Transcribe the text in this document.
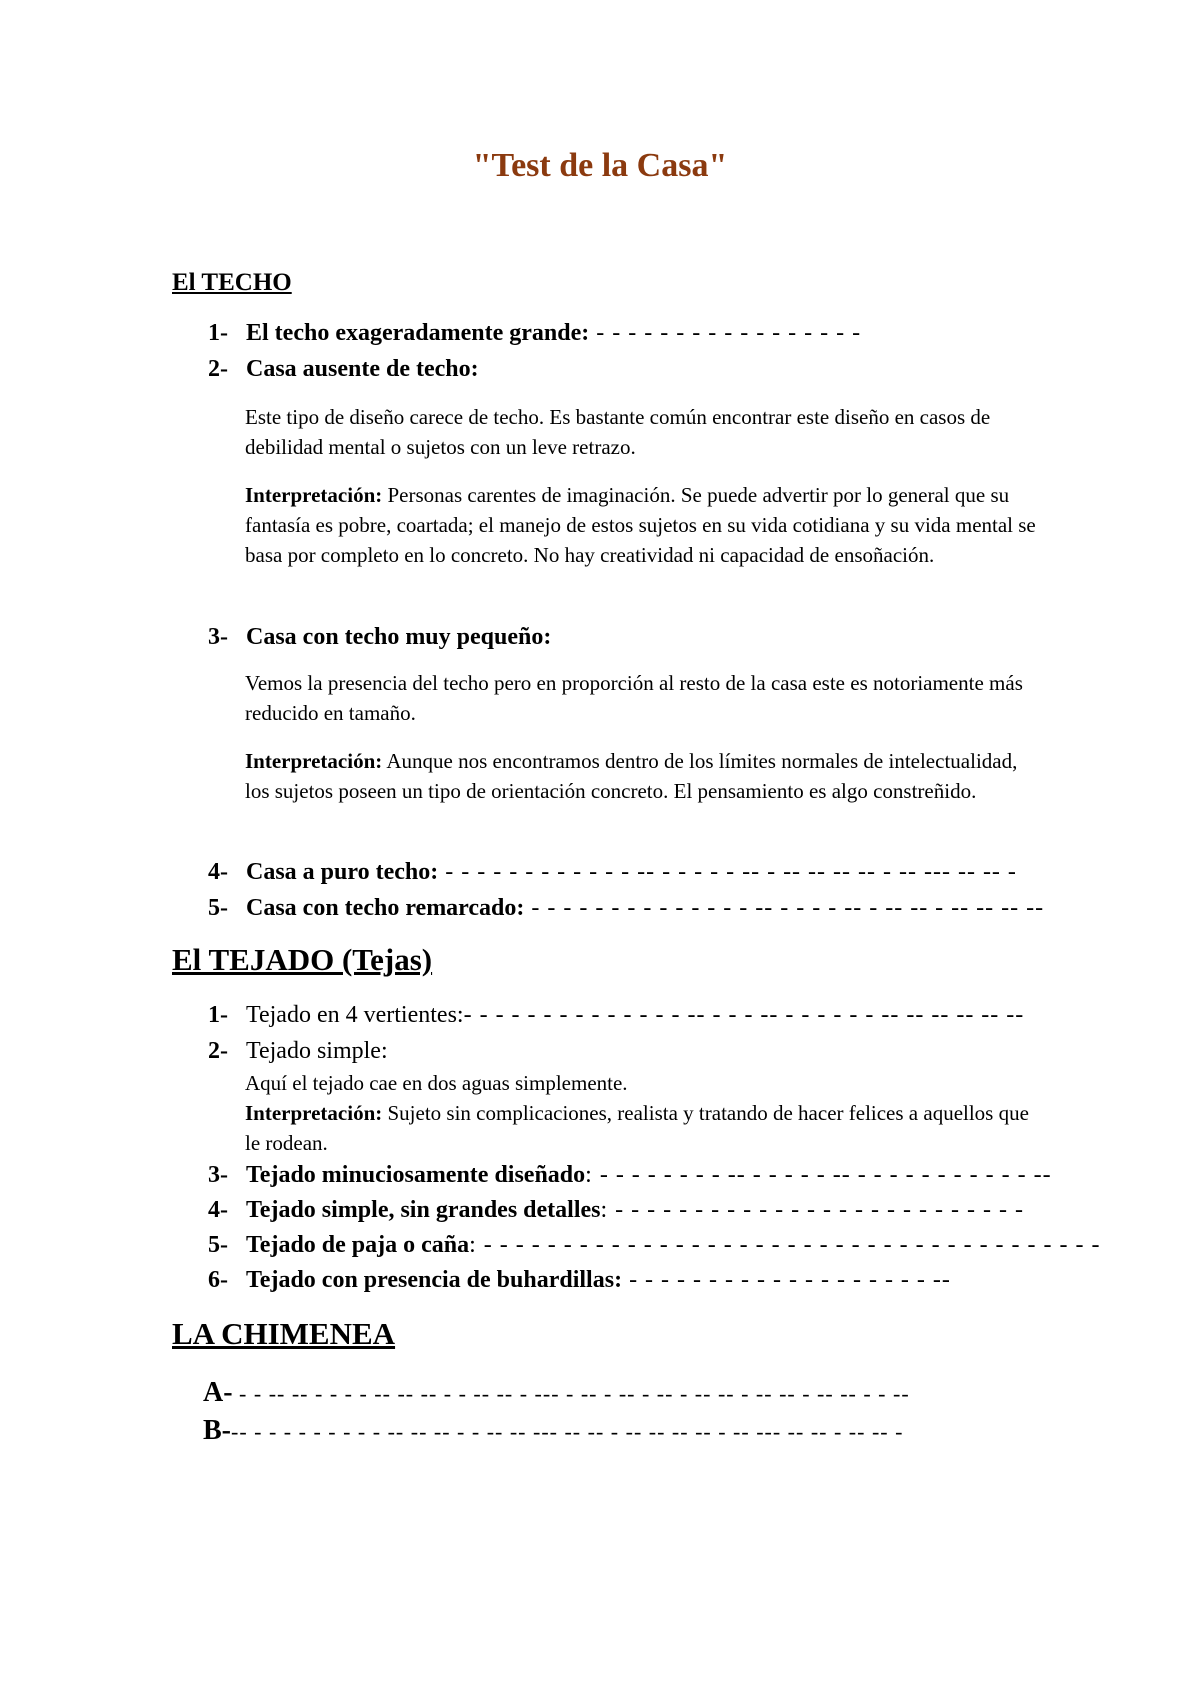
"Test de la Casa"
El TECHO
1- El techo exageradamente grande: - - - - - - - - - - - - - - - - -
2- Casa ausente de techo:

Este tipo de diseño carece de techo. Es bastante común encontrar este diseño en casos de debilidad mental o sujetos con un leve retrazo.

Interpretación: Personas carentes de imaginación. Se puede advertir por lo general que su fantasía es pobre, coartada; el manejo de estos sujetos en su vida cotidiana y su vida mental se basa por completo en lo concreto. No hay creatividad ni capacidad de ensoñación.

3- Casa con techo muy pequeño:

Vemos la presencia del techo pero en proporción al resto de la casa este es notoriamente más reducido en tamaño.

Interpretación: Aunque nos encontramos dentro de los límites normales de intelectualidad, los sujetos poseen un tipo de orientación concreto. El pensamiento es algo constreñido.

4- Casa a puro techo: - - - - - - - - - - - - -- - - - - - -- - -- -- -- -- - -- --- -- -- -
5- Casa con techo remarcado: - - - - - - - - - - - - - - -- - - - - -- - -- -- - -- -- -- --
El TEJADO (Tejas)
1- Tejado en 4 vertientes:- - - - - - - - - - - - - - -- - - - -- - - - - - - -- -- -- -- -- --
2- Tejado simple:

Aquí el tejado cae en dos aguas simplemente.

Interpretación: Sujeto sin complicaciones, realista y tratando de hacer felices a aquellos que le rodean.

3- Tejado minuciosamente diseñado: - - - - - - - - -- - - - - - -- - - - - - - - - - - - --
4- Tejado simple, sin grandes detalles: - - - - - - - - - - - - - - - - - - - - - - - - - -
5- Tejado de paja o caña: - - - - - - - - - - - - - - - - - - - - - - - - - - - - - - - - - - - - - - -
6- Tejado con presencia de buhardillas: - - - - - - - - - - - - - - - - - - - --
LA CHIMENEA
A- - - -- -- - - - - -- -- -- - - -- -- - --- - -- - -- - -- - -- -- - -- -- - -- -- - - --
B--- - - - - - - - - - -- -- -- - - -- -- --- -- -- - -- -- -- -- - -- --- -- -- - -- -- -
